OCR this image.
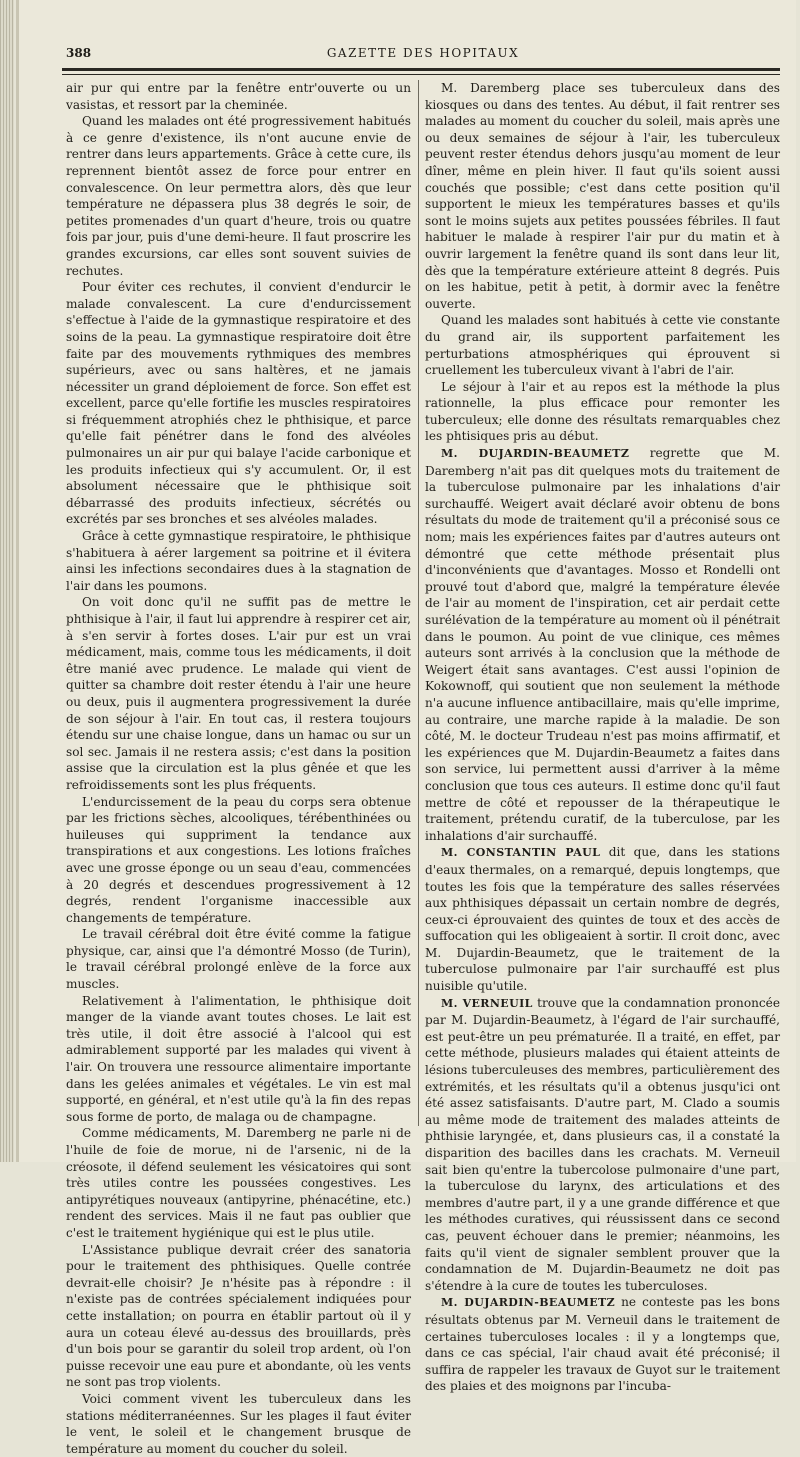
388	GAZETTE DES HOPITAUX

air pur qui entre par la fenêtre entr'ouverte ou un vasistas, et ressort par la cheminée.

Quand les malades ont été progressivement habitués à ce genre d'existence, ils n'ont aucune envie de rentrer dans leurs appartements. Grâce à cette cure, ils reprennent bientôt assez de force pour entrer en convalescence. On leur permettra alors, dès que leur température ne dépassera plus 38 degrés le soir, de petites promenades d'un quart d'heure, trois ou quatre fois par jour, puis d'une demi-heure. Il faut proscrire les grandes excursions, car elles sont souvent suivies de rechutes.

Pour éviter ces rechutes, il convient d'endurcir le malade convalescent. La cure d'endurcissement s'effectue à l'aide de la gymnastique respiratoire et des soins de la peau. La gymnastique respiratoire doit être faite par des mouvements rythmiques des membres supérieurs, avec ou sans haltères, et ne jamais nécessiter un grand déploiement de force. Son effet est excellent, parce qu'elle fortifie les muscles respiratoires si fréquemment atrophiés chez le phthisique, et parce qu'elle fait pénétrer dans le fond des alvéoles pulmonaires un air pur qui balaye l'acide carbonique et les produits infectieux qui s'y accumulent. Or, il est absolument nécessaire que le phthisique soit débarrassé des produits infectieux, sécrétés ou excrétés par ses bronches et ses alvéoles malades.

Grâce à cette gymnastique respiratoire, le phthisique s'habituera à aérer largement sa poitrine et il évitera ainsi les infections secondaires dues à la stagnation de l'air dans les poumons.

On voit donc qu'il ne suffit pas de mettre le phthisique à l'air, il faut lui apprendre à respirer cet air, à s'en servir à fortes doses. L'air pur est un vrai médicament, mais, comme tous les médicaments, il doit être manié avec prudence. Le malade qui vient de quitter sa chambre doit rester étendu à l'air une heure ou deux, puis il augmentera progressivement la durée de son séjour à l'air. En tout cas, il restera toujours étendu sur une chaise longue, dans un hamac ou sur un sol sec. Jamais il ne restera assis; c'est dans la position assise que la circulation est la plus gênée et que les refroidissements sont les plus fréquents.

L'endurcissement de la peau du corps sera obtenue par les frictions sèches, alcooliques, térébenthinées ou huileuses qui suppriment la tendance aux transpirations et aux congestions. Les lotions fraîches avec une grosse éponge ou un seau d'eau, commencées à 20 degrés et descendues progressivement à 12 degrés, rendent l'organisme inaccessible aux changements de température.

Le travail cérébral doit être évité comme la fatigue physique, car, ainsi que l'a démontré Mosso (de Turin), le travail cérébral prolongé enlève de la force aux muscles.

Relativement à l'alimentation, le phthisique doit manger de la viande avant toutes choses. Le lait est très utile, il doit être associé à l'alcool qui est admirablement supporté par les malades qui vivent à l'air. On trouvera une ressource alimentaire importante dans les gelées animales et végétales. Le vin est mal supporté, en général, et n'est utile qu'à la fin des repas sous forme de porto, de malaga ou de champagne.

Comme médicaments, M. Daremberg ne parle ni de l'huile de foie de morue, ni de l'arsenic, ni de la créosote, il défend seulement les vésicatoires qui sont très utiles contre les poussées congestives. Les antipyrétiques nouveaux (antipyrine, phénacétine, etc.) rendent des services. Mais il ne faut pas oublier que c'est le traitement hygiénique qui est le plus utile.

L'Assistance publique devrait créer des sanatoria pour le traitement des phthisiques. Quelle contrée devrait-elle choisir? Je n'hésite pas à répondre : il n'existe pas de contrées spécialement indiquées pour cette installation; on pourra en établir partout où il y aura un coteau élevé au-dessus des brouillards, près d'un bois pour se garantir du soleil trop ardent, où l'on puisse recevoir une eau pure et abondante, où les vents ne sont pas trop violents.

Voici comment vivent les tuberculeux dans les stations méditerranéennes. Sur les plages il faut éviter le vent, le soleil et le changement brusque de température au moment du coucher du soleil.

M. Daremberg place ses tuberculeux dans des kiosques ou dans des tentes. Au début, il fait rentrer ses malades au moment du coucher du soleil, mais après une ou deux semaines de séjour à l'air, les tuberculeux peuvent rester étendus dehors jusqu'au moment de leur dîner, même en plein hiver. Il faut qu'ils soient aussi couchés que possible; c'est dans cette position qu'il supportent le mieux les températures basses et qu'ils sont le moins sujets aux petites poussées fébriles. Il faut habituer le malade à respirer l'air pur du matin et à ouvrir largement la fenêtre quand ils sont dans leur lit, dès que la température extérieure atteint 8 degrés. Puis on les habitue, petit à petit, à dormir avec la fenêtre ouverte.

Quand les malades sont habitués à cette vie constante du grand air, ils supportent parfaitement les perturbations atmosphériques qui éprouvent si cruellement les tuberculeux vivant à l'abri de l'air.

Le séjour à l'air et au repos est la méthode la plus rationnelle, la plus efficace pour remonter les tuberculeux; elle donne des résultats remarquables chez les phtisiques pris au début.

M. DUJARDIN-BEAUMETZ regrette que M. Daremberg n'ait pas dit quelques mots du traitement de la tuberculose pulmonaire par les inhalations d'air surchauffé. Weigert avait déclaré avoir obtenu de bons résultats du mode de traitement qu'il a préconisé sous ce nom; mais les expériences faites par d'autres auteurs ont démontré que cette méthode présentait plus d'inconvénients que d'avantages. Mosso et Rondelli ont prouvé tout d'abord que, malgré la température élevée de l'air au moment de l'inspiration, cet air perdait cette surélévation de la température au moment où il pénétrait dans le poumon. Au point de vue clinique, ces mêmes auteurs sont arrivés à la conclusion que la méthode de Weigert était sans avantages. C'est aussi l'opinion de Kokownoff, qui soutient que non seulement la méthode n'a aucune influence antibacillaire, mais qu'elle imprime, au contraire, une marche rapide à la maladie. De son côté, M. le docteur Trudeau n'est pas moins affirmatif, et les expériences que M. Dujardin-Beaumetz a faites dans son service, lui permettent aussi d'arriver à la même conclusion que tous ces auteurs. Il estime donc qu'il faut mettre de côté et repousser de la thérapeutique le traitement, prétendu curatif, de la tuberculose, par les inhalations d'air surchauffé.

M. CONSTANTIN PAUL dit que, dans les stations d'eaux thermales, on a remarqué, depuis longtemps, que toutes les fois que la température des salles réservées aux phthisiques dépassait un certain nombre de degrés, ceux-ci éprouvaient des quintes de toux et des accès de suffocation qui les obligeaient à sortir. Il croit donc, avec M. Dujardin-Beaumetz, que le traitement de la tuberculose pulmonaire par l'air surchauffé est plus nuisible qu'utile.

M. VERNEUIL trouve que la condamnation prononcée par M. Dujardin-Beaumetz, à l'égard de l'air surchauffé, est peut-être un peu prématurée. Il a traité, en effet, par cette méthode, plusieurs malades qui étaient atteints de lésions tuberculeuses des membres, particulièrement des extrémités, et les résultats qu'il a obtenus jusqu'ici ont été assez satisfaisants. D'autre part, M. Clado a soumis au même mode de traitement des malades atteints de phthisie laryngée, et, dans plusieurs cas, il a constaté la disparition des bacilles dans les crachats. M. Verneuil sait bien qu'entre la tubercolose pulmonaire d'une part, la tuberculose du larynx, des articulations et des membres d'autre part, il y a une grande différence et que les méthodes curatives, qui réussissent dans ce second cas, peuvent échouer dans le premier; néanmoins, les faits qu'il vient de signaler semblent prouver que la condamnation de M. Dujardin-Beaumetz ne doit pas s'étendre à la cure de toutes les tuberculoses.

M. DUJARDIN-BEAUMETZ ne conteste pas les bons résultats obtenus par M. Verneuil dans le traitement de certaines tuberculoses locales : il y a longtemps que, dans ce cas spécial, l'air chaud avait été préconisé; il suffira de rappeler les travaux de Guyot sur le traitement des plaies et des moignons par l'incuba-
